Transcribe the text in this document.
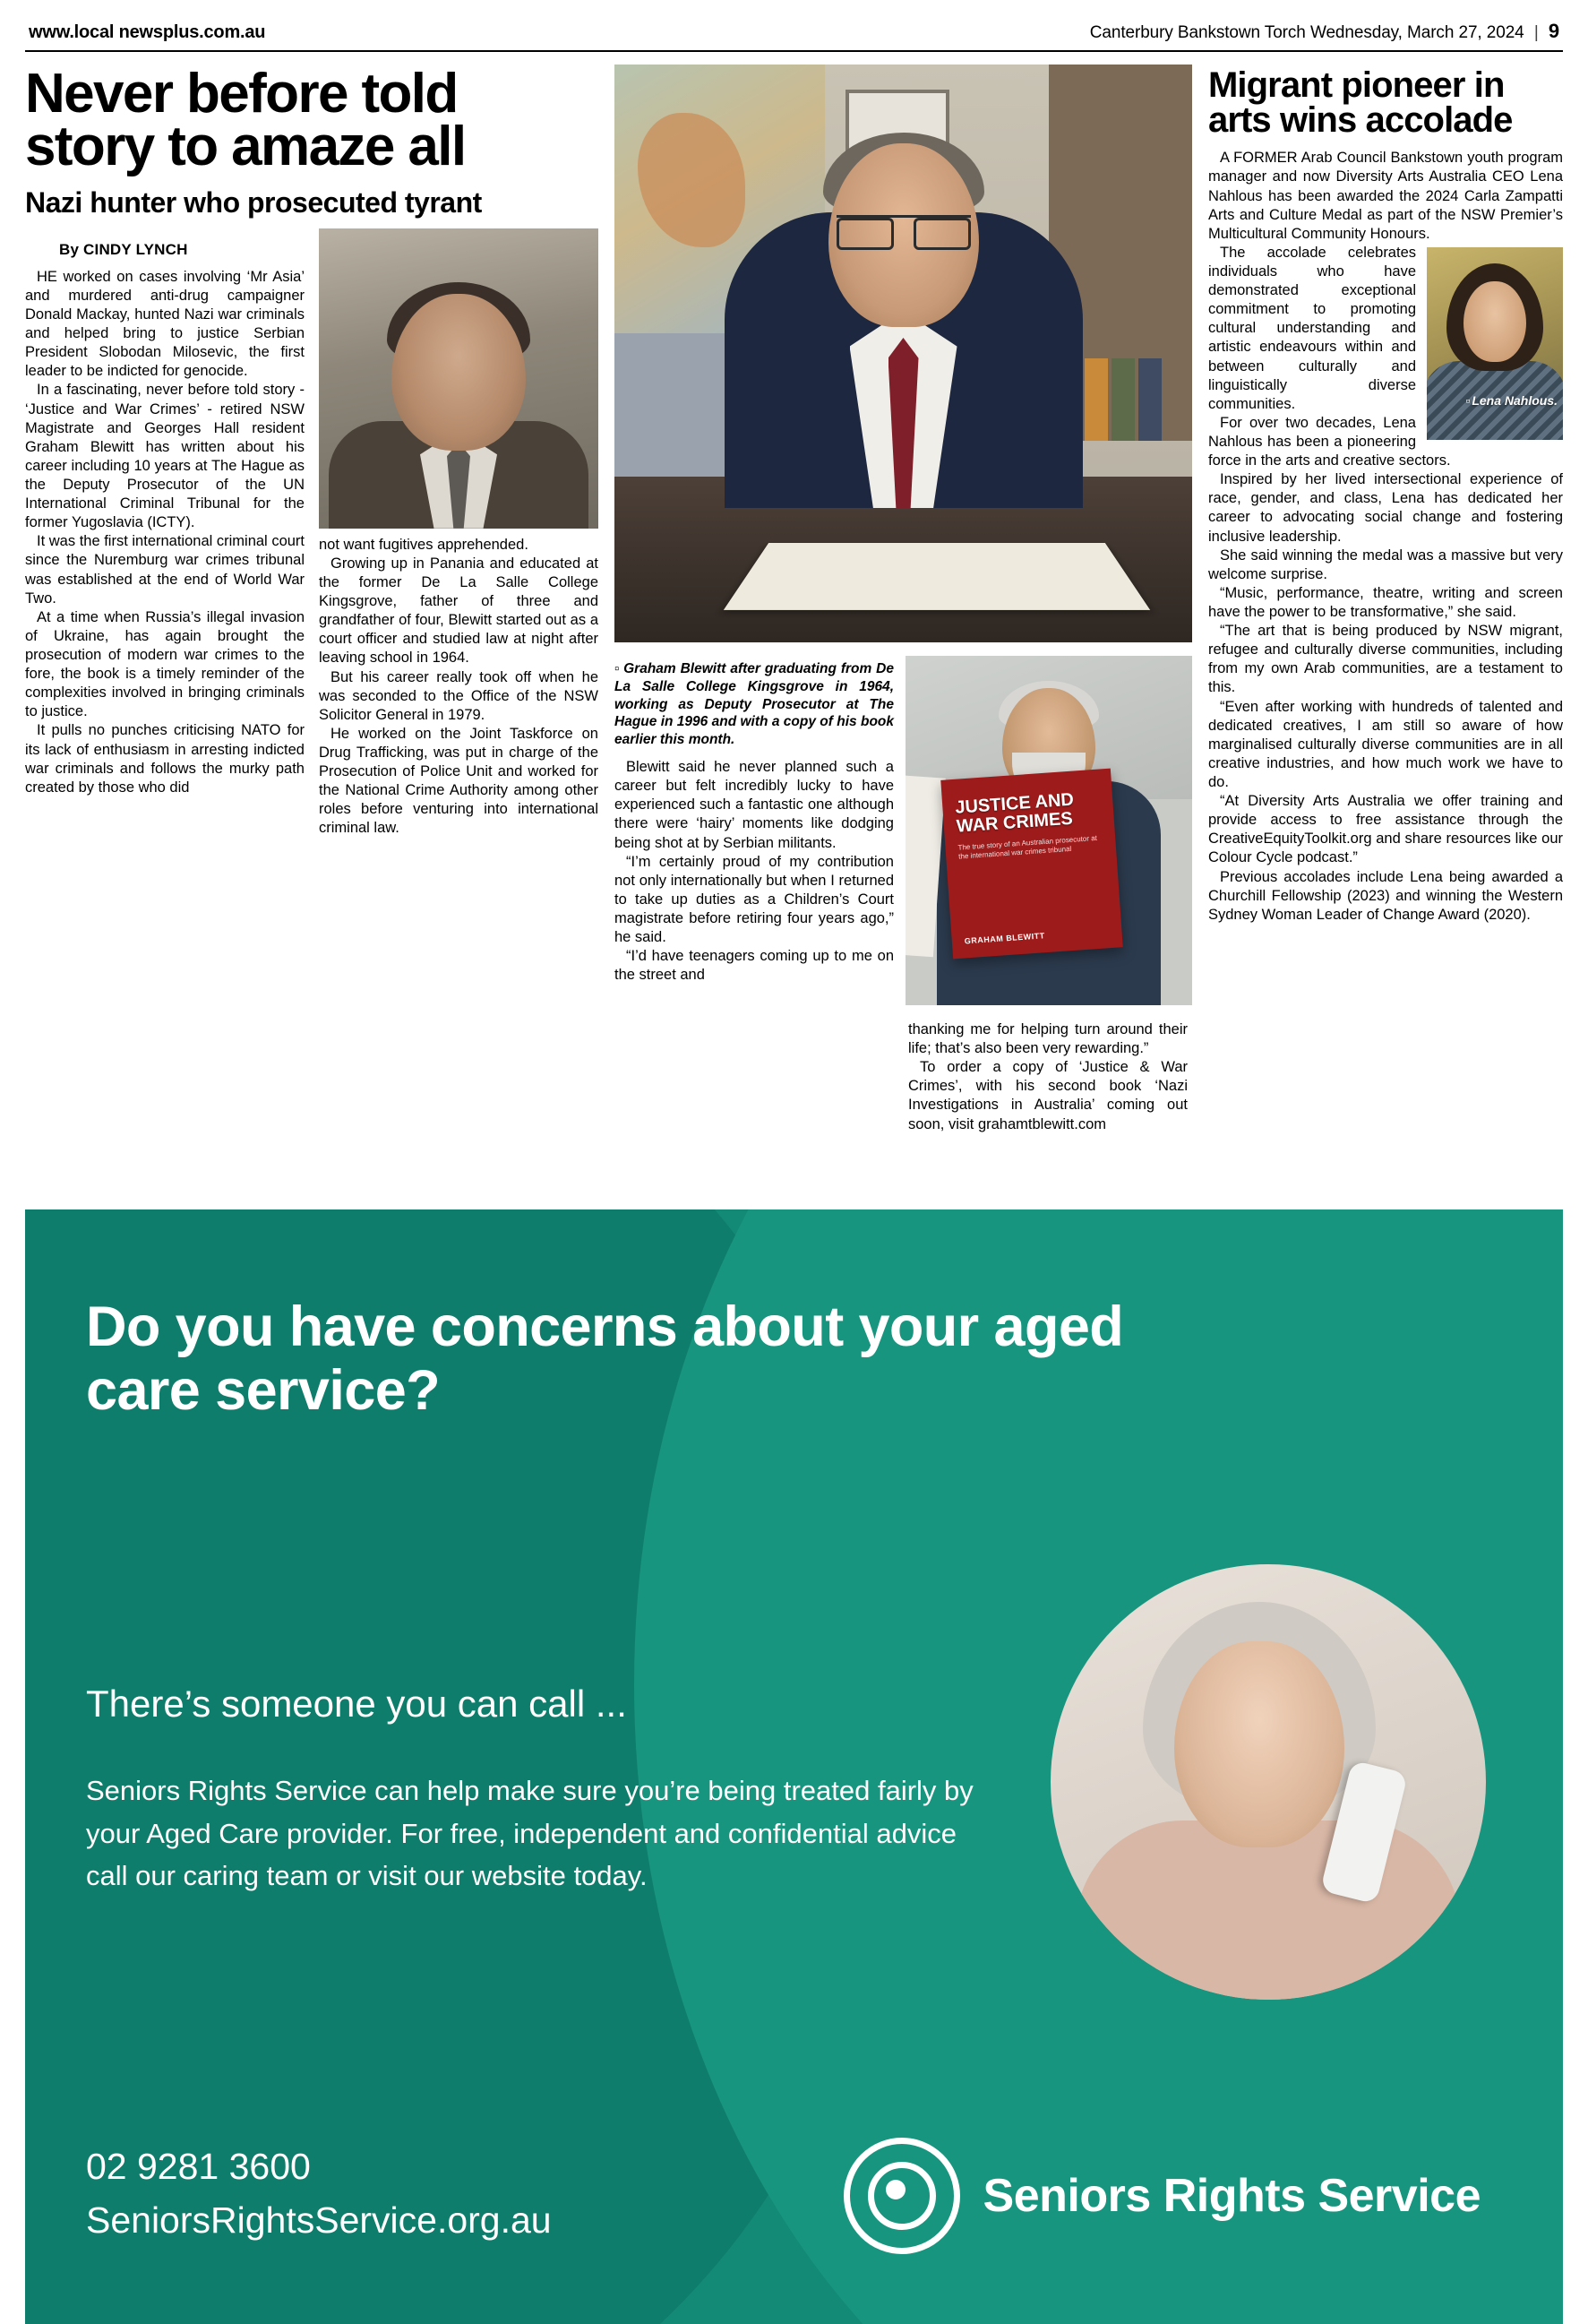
www.local newsplus.com.au	Canterbury Bankstown Torch Wednesday, March 27, 2024 | 9
Never before told story to amaze all
Nazi hunter who prosecuted tyrant
By CINDY LYNCH

HE worked on cases involving ‘Mr Asia’ and murdered anti-drug campaigner Donald Mackay, hunted Nazi war criminals and helped bring to justice Serbian President Slobodan Milosevic, the first leader to be indicted for genocide.

In a fascinating, never before told story - ‘Justice and War Crimes’ - retired NSW Magistrate and Georges Hall resident Graham Blewitt has written about his career including 10 years at The Hague as the Deputy Prosecutor of the UN International Criminal Tribunal for the former Yugoslavia (ICTY).

It was the first international criminal court since the Nuremburg war crimes tribunal was established at the end of World War Two.

At a time when Russia’s illegal invasion of Ukraine, has again brought the prosecution of modern war crimes to the fore, the book is a timely reminder of the complexities involved in bringing criminals to justice.

It pulls no punches criticising NATO for its lack of enthusiasm in arresting indicted war criminals and follows the murky path created by those who did

not want fugitives apprehended.

Growing up in Panania and educated at the former De La Salle College Kingsgrove, father of three and grandfather of four, Blewitt started out as a court officer and studied law at night after leaving school in 1964.

But his career really took off when he was seconded to the Office of the NSW Solicitor General in 1979.

He worked on the Joint Taskforce on Drug Trafficking, was put in charge of the Prosecution of Police Unit and worked for the National Crime Authority among other roles before venturing into international criminal law.

▫ Graham Blewitt after graduating from De La Salle College Kingsgrove in 1964, working as Deputy Prosecutor at The Hague in 1996 and with a copy of his book earlier this month.

Blewitt said he never planned such a career but felt incredibly lucky to have experienced such a fantastic one although there were ‘hairy’ moments like dodging being shot at by Serbian militants.

“I’m certainly proud of my contribution not only internationally but when I returned to take up duties as a Children’s Court magistrate before retiring four years ago,” he said.

“I’d have teenagers coming up to me on the street and

thanking me for helping turn around their life; that’s also been very rewarding.”

To order a copy of ‘Justice & War Crimes’, with his second book ‘Nazi Investigations in Australia’ coming out soon, visit grahamtblewitt.com

JUSTICE AND WAR CRIMES
The true story of an Australian prosecutor at the international war crimes tribunal
GRAHAM BLEWITT
Migrant pioneer in arts wins accolade

A FORMER Arab Council Bankstown youth program manager and now Diversity Arts Australia CEO Lena Nahlous has been awarded the 2024 Carla Zampatti Arts and Culture Medal as part of the NSW Premier’s Multicultural Community Honours.

▫ Lena Nahlous.

The accolade celebrates individuals who have demonstrated exceptional commitment to promoting cultural understanding and artistic endeavours within and between culturally and linguistically diverse communities.

For over two decades, Lena Nahlous has been a pioneering force in the arts and creative sectors.

Inspired by her lived intersectional experience of race, gender, and class, Lena has dedicated her career to advocating social change and fostering inclusive leadership.

She said winning the medal was a massive but very welcome surprise.

“Music, performance, theatre, writing and screen have the power to be transformative,” she said.

“The art that is being produced by NSW migrant, refugee and culturally diverse communities, including from my own Arab communities, are a testament to this.

“Even after working with hundreds of talented and dedicated creatives, I am still so aware of how marginalised culturally diverse communities are in all creative industries, and how much work we have to do.

“At Diversity Arts Australia we offer training and provide access to free assistance through the CreativeEquityToolkit.org and share resources like our Colour Cycle podcast.”

Previous accolades include Lena being awarded a Churchill Fellowship (2023) and winning the Western Sydney Woman Leader of Change Award (2020).

Do you have concerns about your aged care service?
There’s someone you can call ...
Seniors Rights Service can help make sure you’re being treated fairly by your Aged Care provider. For free, independent and confidential advice call our caring team or visit our website today.
02 9281 3600
SeniorsRightsService.org.au	Seniors Rights Service
